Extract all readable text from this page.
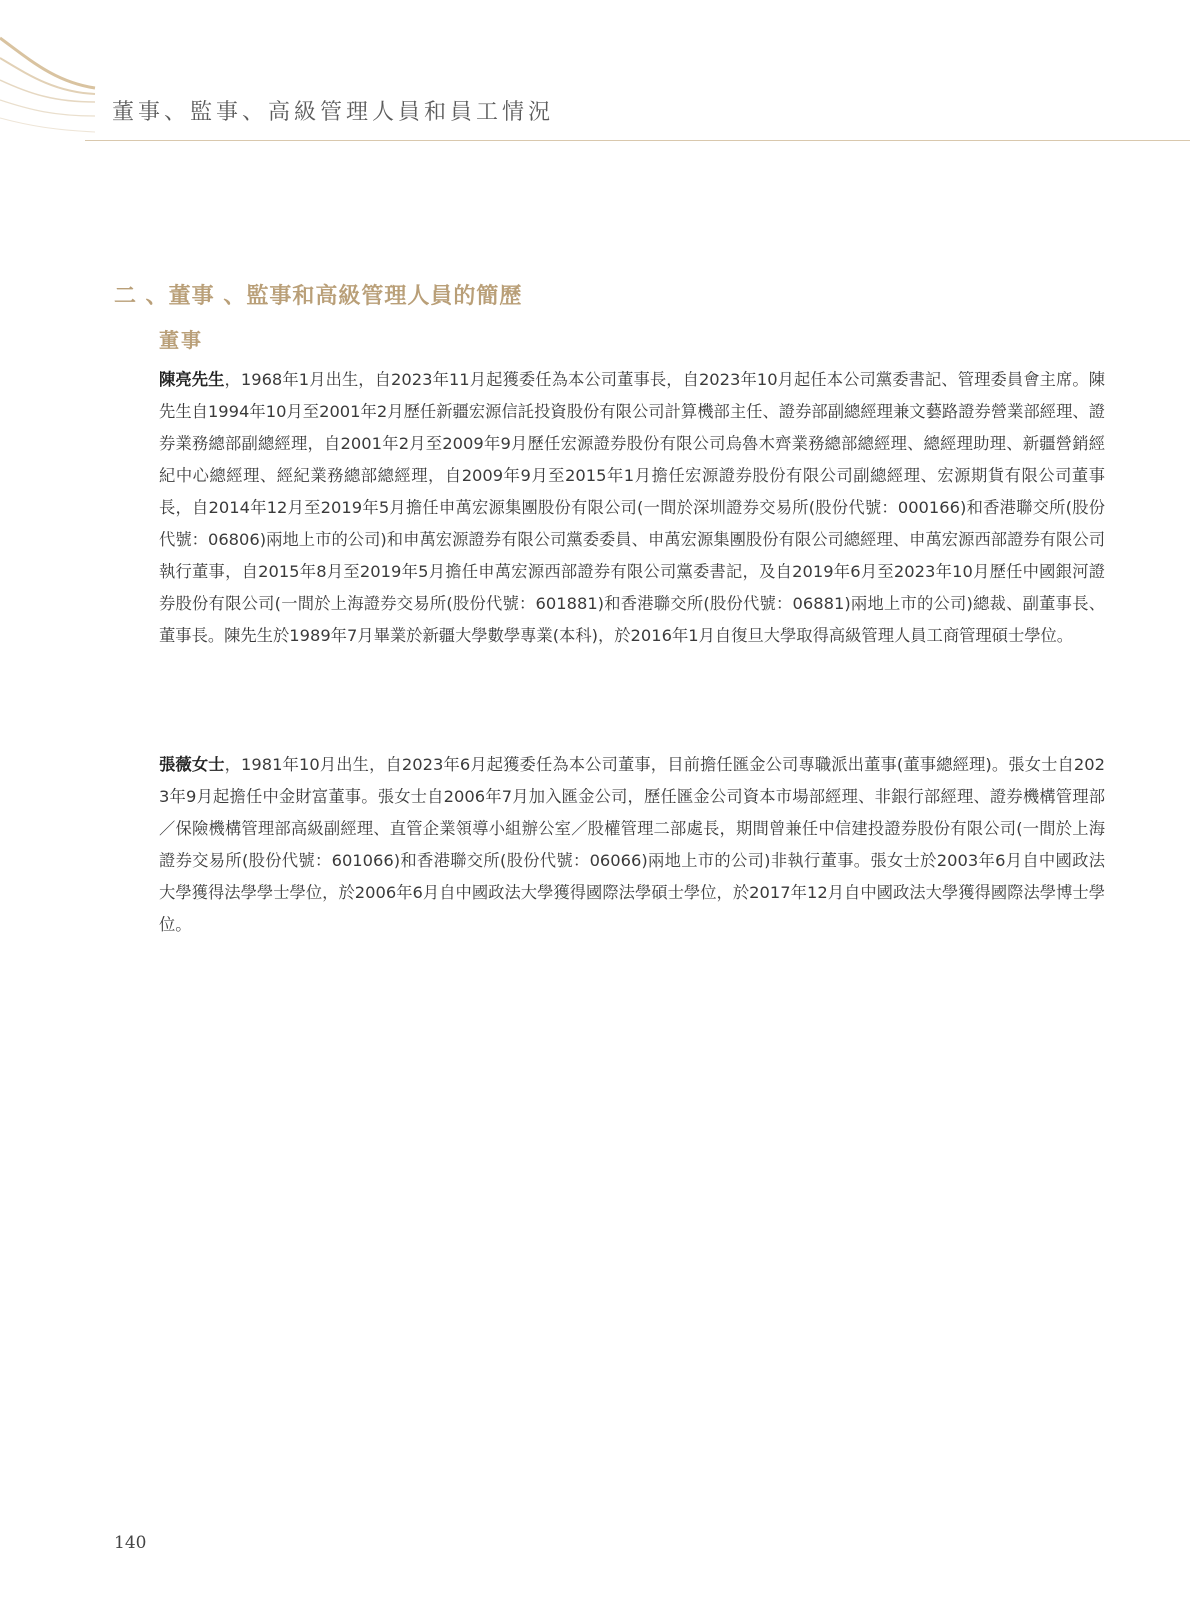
董事、監事、高級管理人員和員工情況
二 、董事 、監事和高級管理人員的簡歷
董事
陳亮先生，1968年1月出生，自2023年11月起獲委任為本公司董事長，自2023年10月起任本公司黨委書記、管理委員會主席。陳先生自1994年10月至2001年2月歷任新疆宏源信託投資股份有限公司計算機部主任、證券部副總經理兼文藝路證券營業部經理、證券業務總部副總經理，自2001年2月至2009年9月歷任宏源證券股份有限公司烏魯木齊業務總部總經理、總經理助理、新疆營銷經紀中心總經理、經紀業務總部總經理，自2009年9月至2015年1月擔任宏源證券股份有限公司副總經理、宏源期貨有限公司董事長，自2014年12月至2019年5月擔任申萬宏源集團股份有限公司(一間於深圳證券交易所(股份代號：000166)和香港聯交所(股份代號：06806)兩地上市的公司)和申萬宏源證券有限公司黨委委員、申萬宏源集團股份有限公司總經理、申萬宏源西部證券有限公司執行董事，自2015年8月至2019年5月擔任申萬宏源西部證券有限公司黨委書記，及自2019年6月至2023年10月歷任中國銀河證券股份有限公司(一間於上海證券交易所(股份代號：601881)和香港聯交所(股份代號：06881)兩地上市的公司)總裁、副董事長、董事長。陳先生於1989年7月畢業於新疆大學數學專業(本科)，於2016年1月自復旦大學取得高級管理人員工商管理碩士學位。
張薇女士，1981年10月出生，自2023年6月起獲委任為本公司董事，目前擔任匯金公司專職派出董事(董事總經理)。張女士自2023年9月起擔任中金財富董事。張女士自2006年7月加入匯金公司，歷任匯金公司資本市場部經理、非銀行部經理、證券機構管理部／保險機構管理部高級副經理、直管企業領導小組辦公室／股權管理二部處長，期間曾兼任中信建投證券股份有限公司(一間於上海證券交易所(股份代號：601066)和香港聯交所(股份代號：06066)兩地上市的公司)非執行董事。張女士於2003年6月自中國政法大學獲得法學學士學位，於2006年6月自中國政法大學獲得國際法學碩士學位，於2017年12月自中國政法大學獲得國際法學博士學位。
140
